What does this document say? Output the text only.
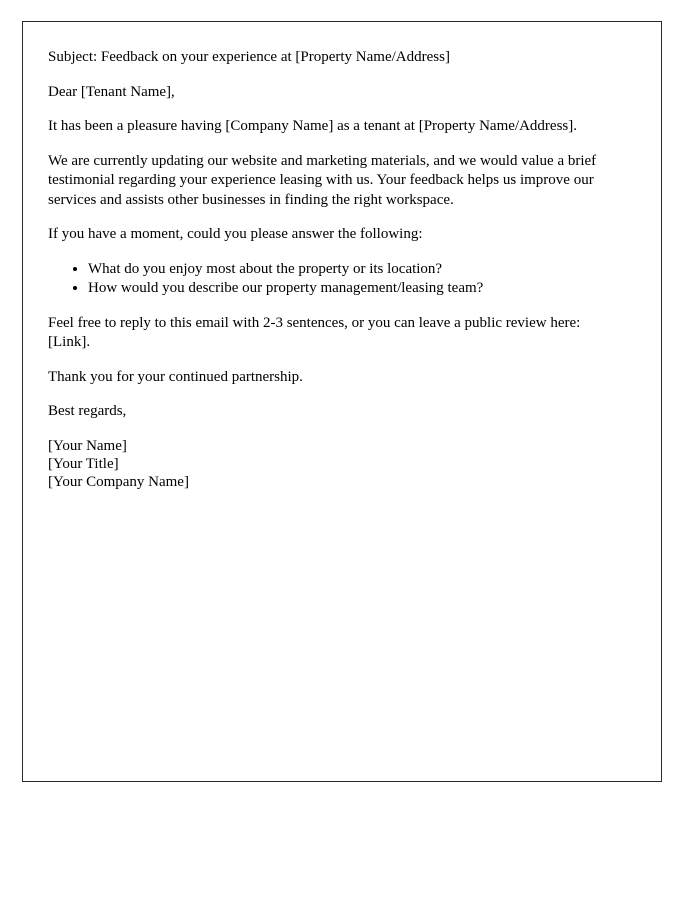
Subject: Feedback on your experience at [Property Name/Address]

Dear [Tenant Name],

It has been a pleasure having [Company Name] as a tenant at [Property Name/Address].

We are currently updating our website and marketing materials, and we would value a brief testimonial regarding your experience leasing with us. Your feedback helps us improve our services and assists other businesses in finding the right workspace.

If you have a moment, could you please answer the following:

• What do you enjoy most about the property or its location?
• How would you describe our property management/leasing team?

Feel free to reply to this email with 2-3 sentences, or you can leave a public review here: [Link].

Thank you for your continued partnership.

Best regards,

[Your Name]
[Your Title]
[Your Company Name]
